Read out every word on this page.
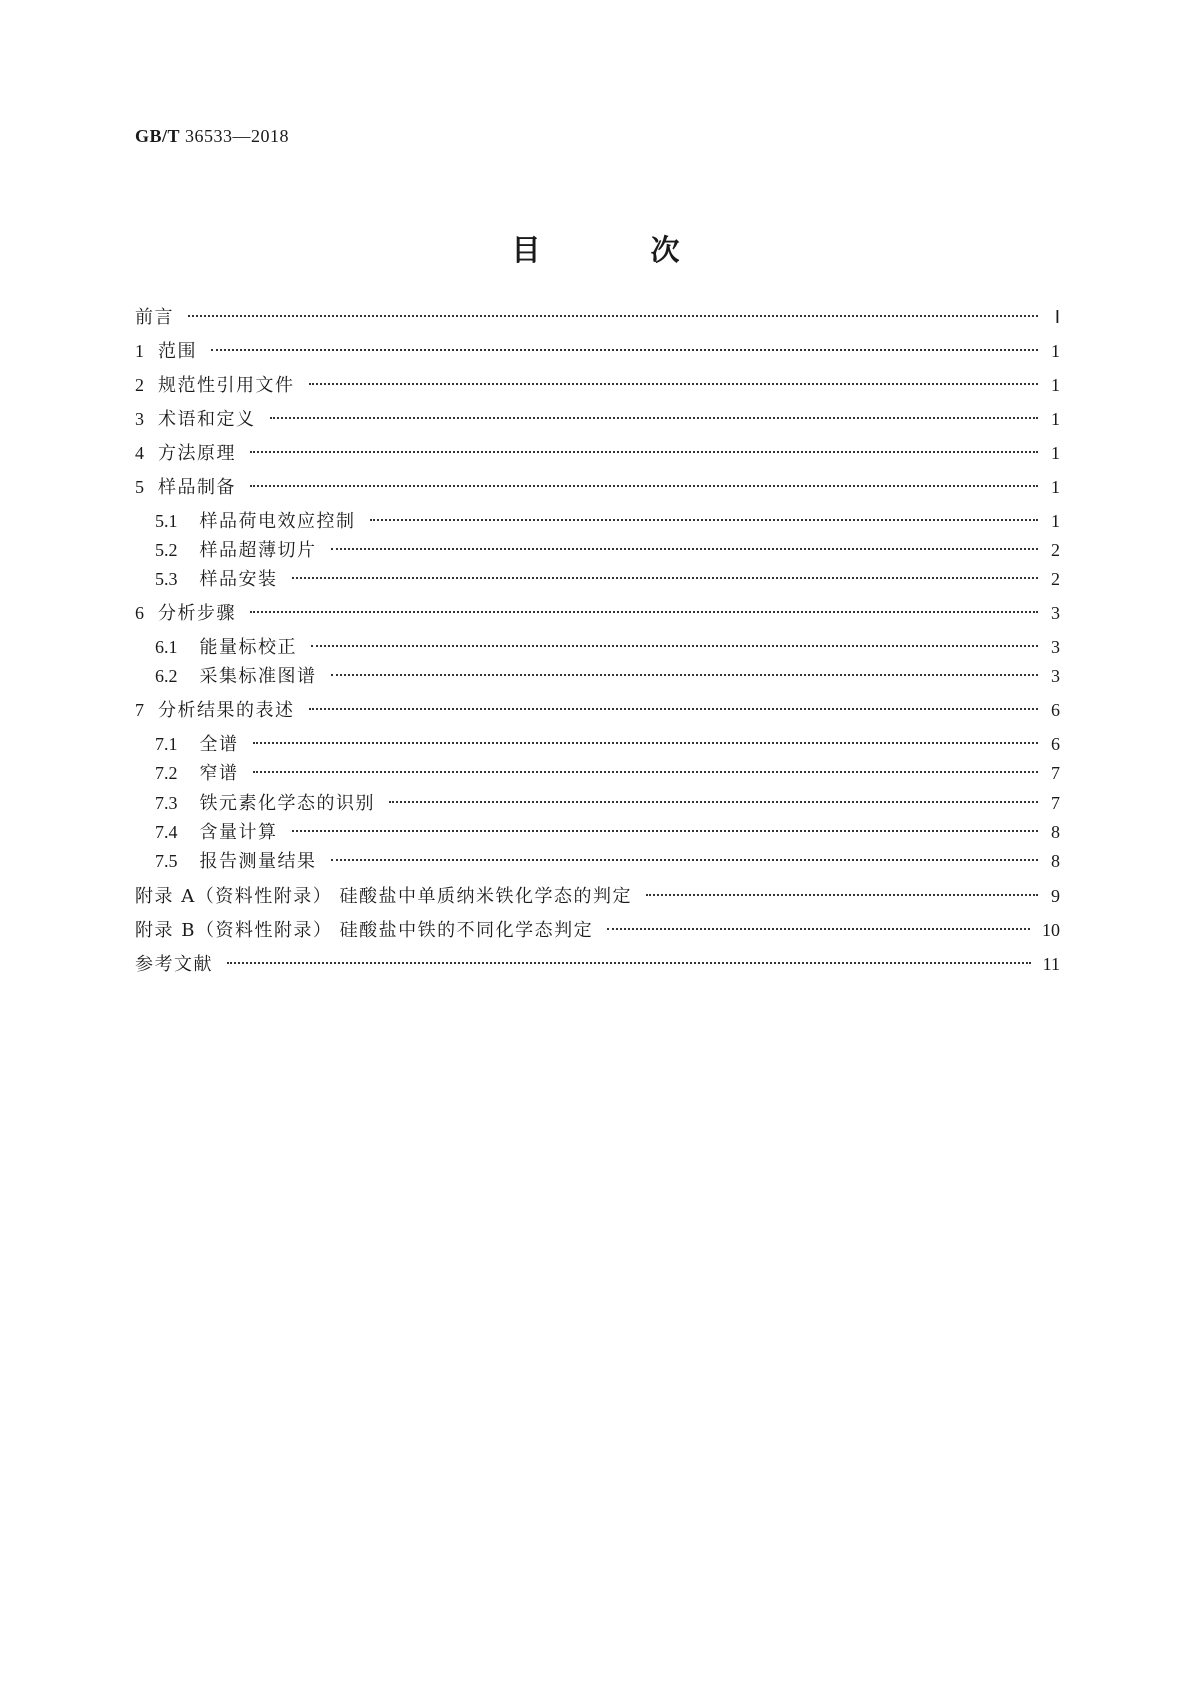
GB/T 36533—2018
目 次
前言	Ⅰ
1 范围	1
2 规范性引用文件	1
3 术语和定义	1
4 方法原理	1
5 样品制备	1
5.1 样品荷电效应控制	1
5.2 样品超薄切片	2
5.3 样品安装	2
6 分析步骤	3
6.1 能量标校正	3
6.2 采集标准图谱	3
7 分析结果的表述	6
7.1 全谱	6
7.2 窄谱	7
7.3 铁元素化学态的识别	7
7.4 含量计算	8
7.5 报告测量结果	8
附录 A（资料性附录） 硅酸盐中单质纳米铁化学态的判定	9
附录 B（资料性附录） 硅酸盐中铁的不同化学态判定	10
参考文献	11
